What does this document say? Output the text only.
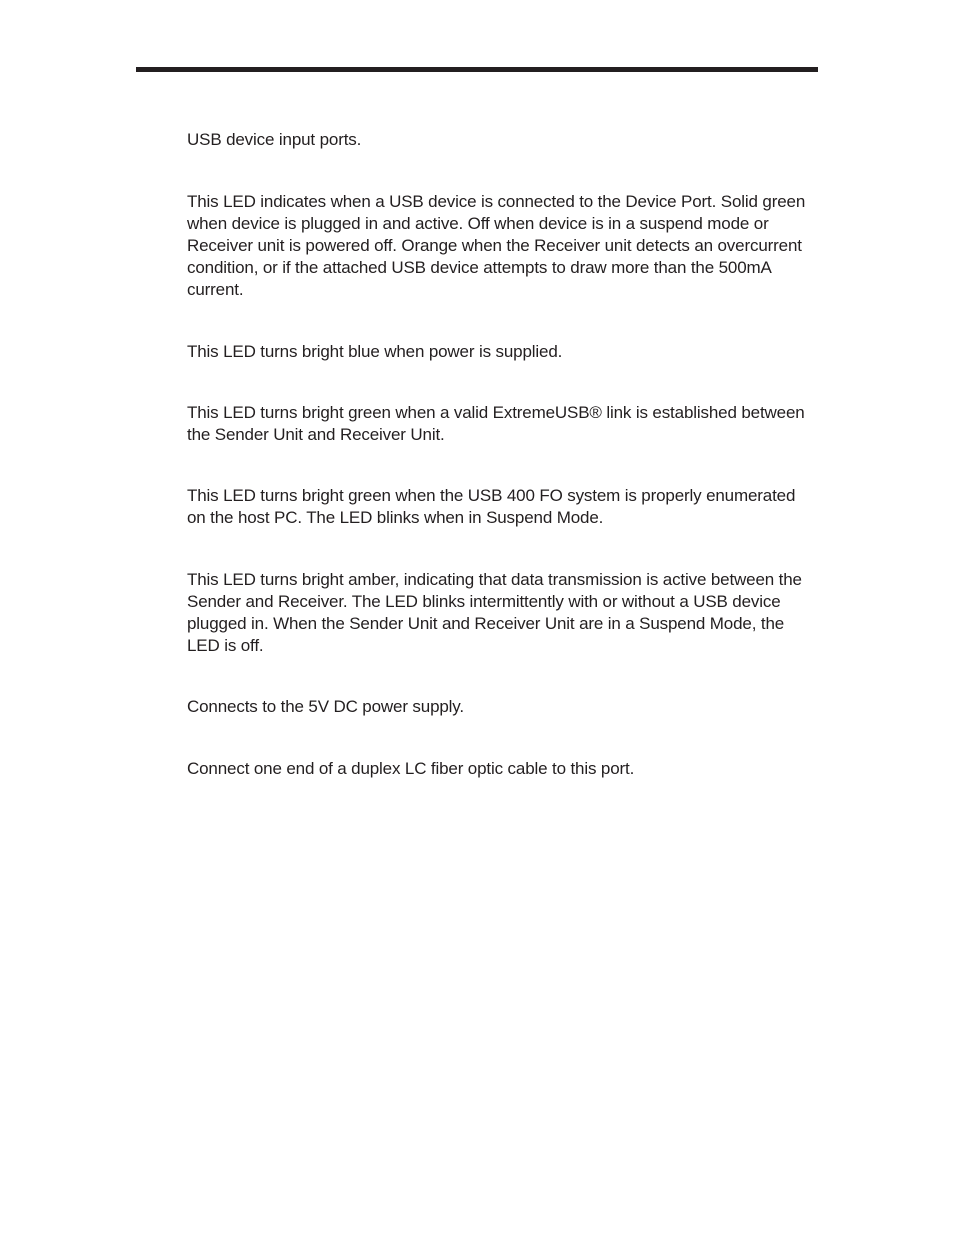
USB device input ports.

This LED indicates when a USB device is connected to the Device Port. Solid green when device is plugged in and active. Off when device is in a suspend mode or Receiver unit is powered off. Orange when the Receiver unit detects an overcurrent condition, or if the attached USB device attempts to draw more than the 500mA current.

This LED turns bright blue when power is supplied.

This LED turns bright green when a valid ExtremeUSB® link is established between the Sender Unit and Receiver Unit.

This LED turns bright green when the USB 400 FO system is properly enumerated on the host PC. The LED blinks when in Suspend Mode.

This LED turns bright amber, indicating that data transmission is active between the Sender and Receiver. The LED blinks intermittently with or without a USB device plugged in. When the Sender Unit and Receiver Unit are in a Suspend Mode, the LED is off.

Connects to the 5V DC power supply.

Connect one end of a duplex LC fiber optic cable to this port.
